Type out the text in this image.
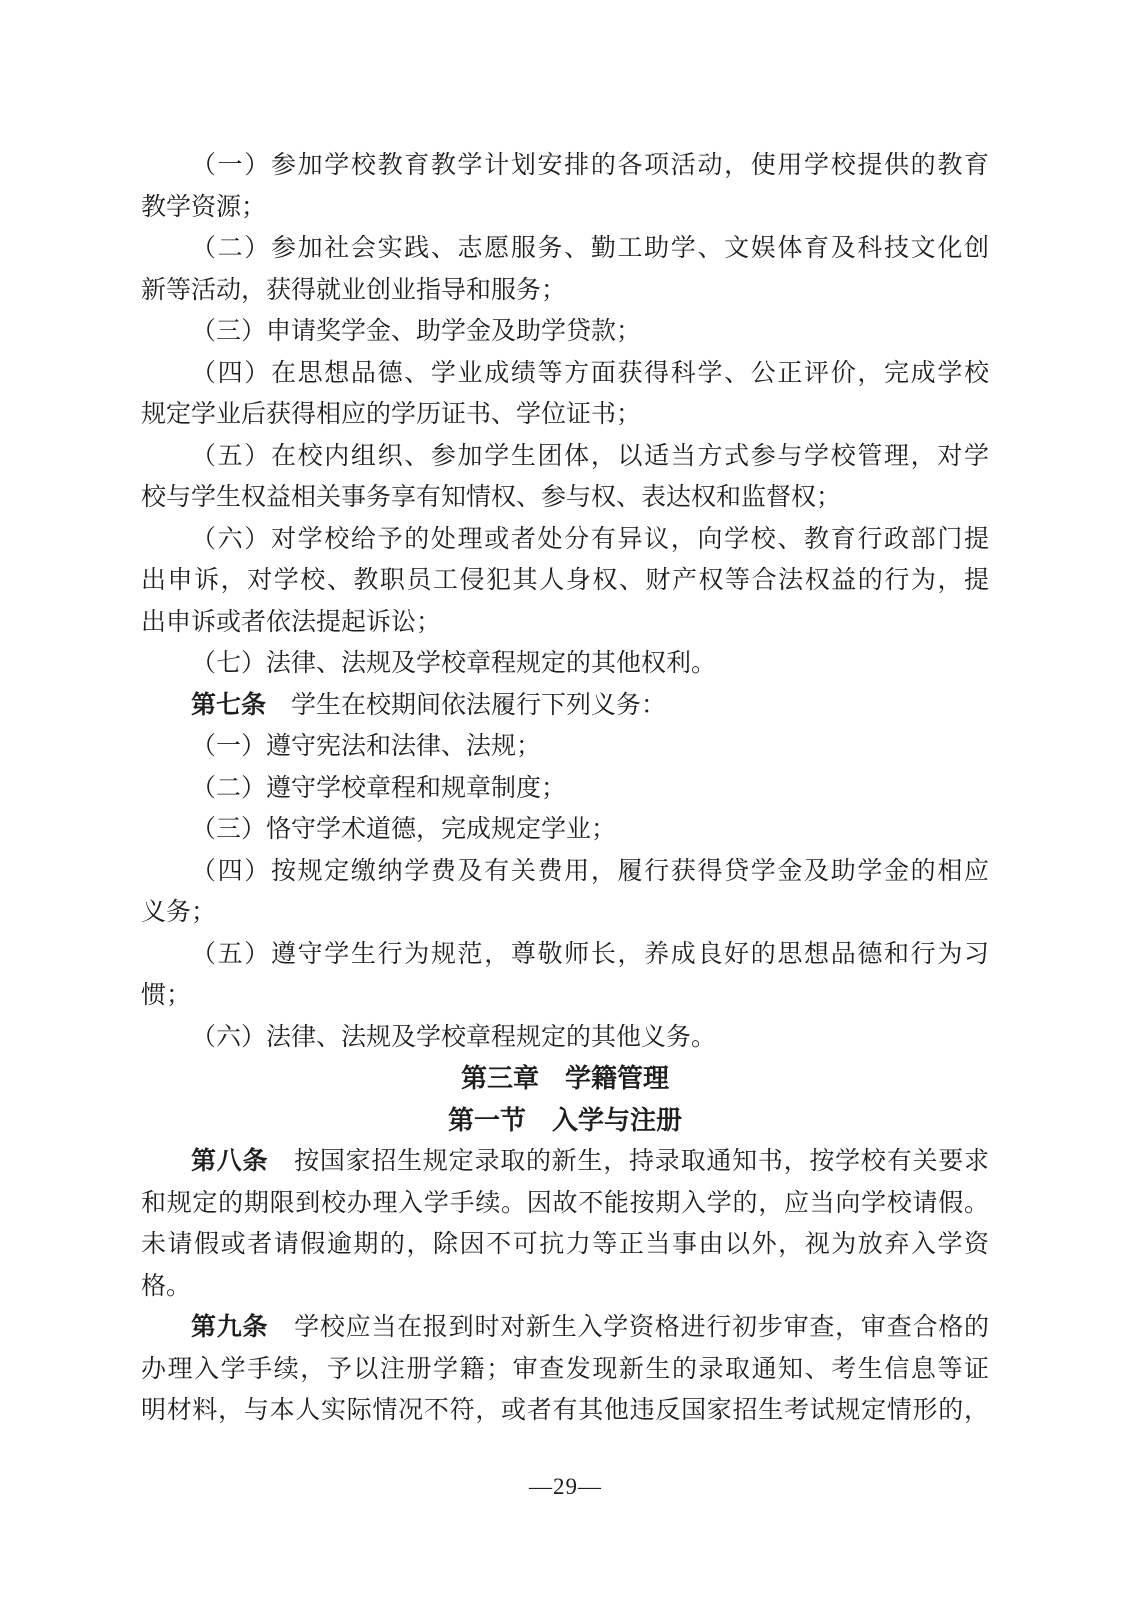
（一）参加学校教育教学计划安排的各项活动，使用学校提供的教育
教学资源；
（二）参加社会实践、志愿服务、勤工助学、文娱体育及科技文化创
新等活动，获得就业创业指导和服务；
（三）申请奖学金、助学金及助学贷款；
（四）在思想品德、学业成绩等方面获得科学、公正评价，完成学校
规定学业后获得相应的学历证书、学位证书；
（五）在校内组织、参加学生团体，以适当方式参与学校管理，对学
校与学生权益相关事务享有知情权、参与权、表达权和监督权；
（六）对学校给予的处理或者处分有异议，向学校、教育行政部门提
出申诉，对学校、教职员工侵犯其人身权、财产权等合法权益的行为，提
出申诉或者依法提起诉讼；
（七）法律、法规及学校章程规定的其他权利。
第七条　学生在校期间依法履行下列义务：
（一）遵守宪法和法律、法规；
（二）遵守学校章程和规章制度；
（三）恪守学术道德，完成规定学业；
（四）按规定缴纳学费及有关费用，履行获得贷学金及助学金的相应
义务；
（五）遵守学生行为规范，尊敬师长，养成良好的思想品德和行为习
惯；
（六）法律、法规及学校章程规定的其他义务。
第三章　学籍管理
第一节　入学与注册
第八条　按国家招生规定录取的新生，持录取通知书，按学校有关要求
和规定的期限到校办理入学手续。因故不能按期入学的，应当向学校请假。
未请假或者请假逾期的，除因不可抗力等正当事由以外，视为放弃入学资
格。
第九条　学校应当在报到时对新生入学资格进行初步审查，审查合格的
办理入学手续，予以注册学籍；审查发现新生的录取通知、考生信息等证
明材料，与本人实际情况不符，或者有其他违反国家招生考试规定情形的，
—29—
